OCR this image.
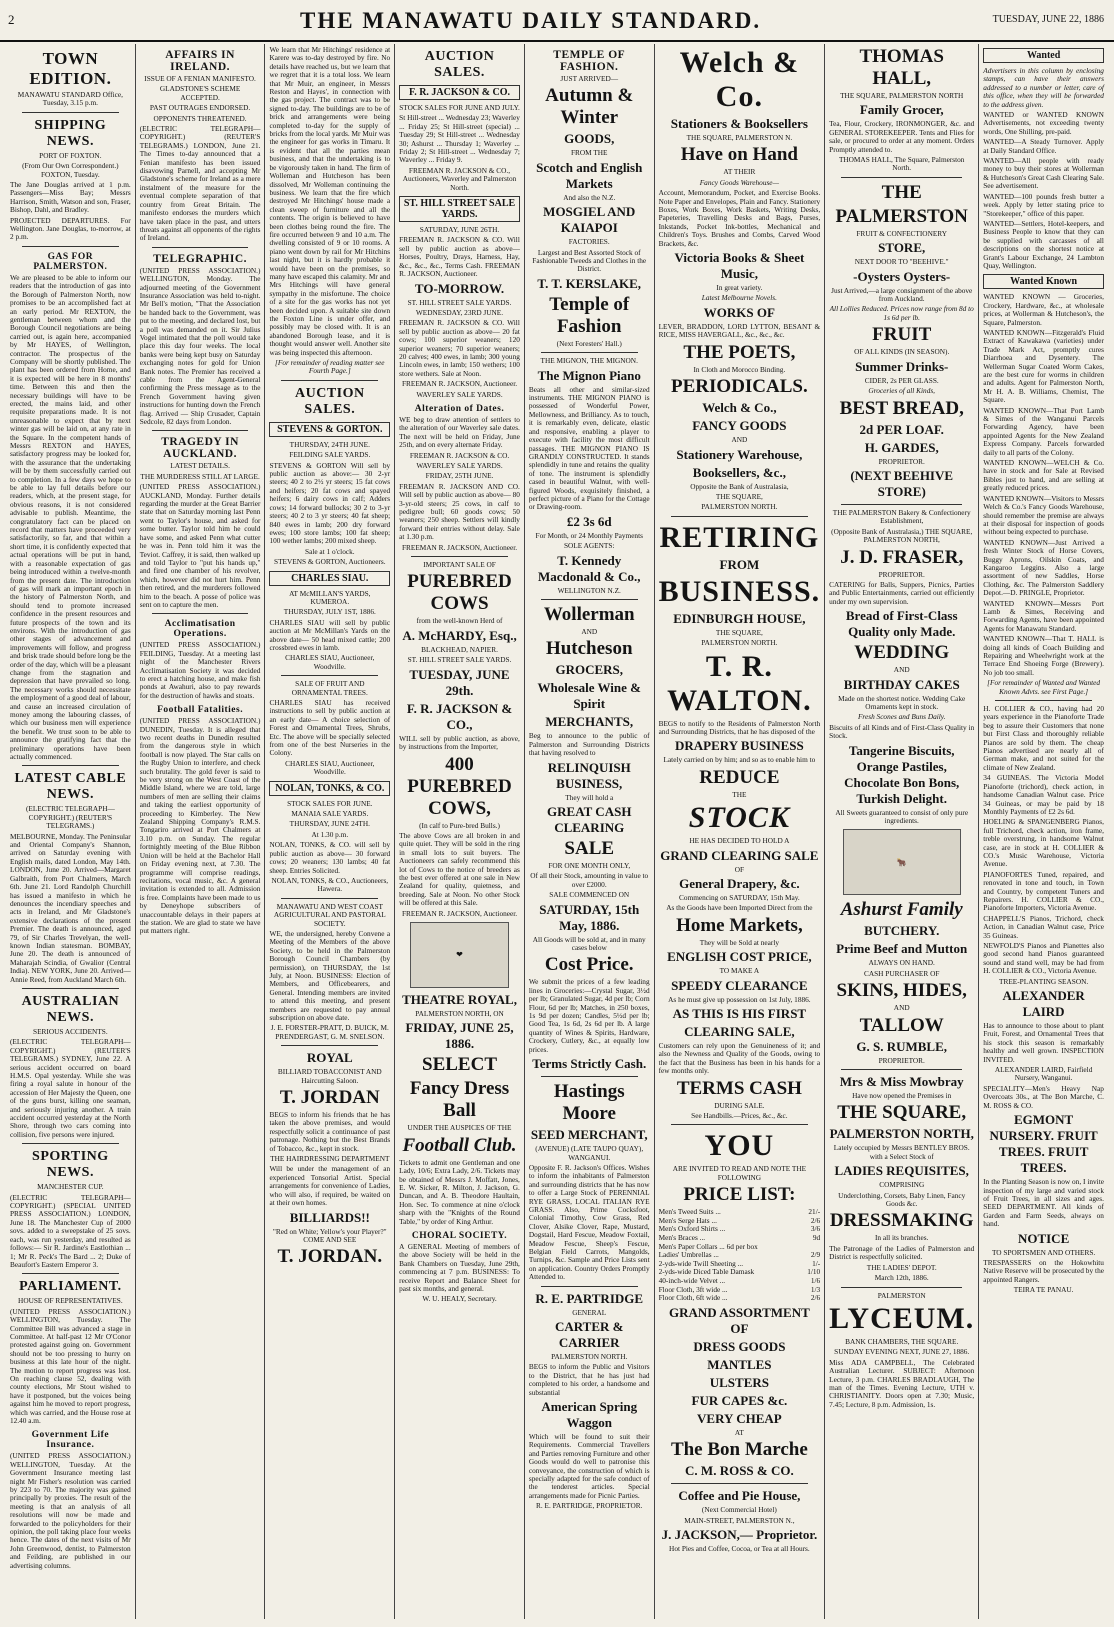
2	THE MANAWATU DAILY STANDARD.	TUESDAY, JUNE 22, 1886
TOWN EDITION.

MANAWATU STANDARD Office, Tuesday, 3.15 p.m.

SHIPPING NEWS.

PORT OF FOXTON.

(From Our Own Correspondent.) FOXTON, Tuesday.

The Jane Douglas arrived at 1 p.m. Passengers—Miss Bay; Messrs Harrison, Smith, Watson and son, Fraser, Bishop, Dahl, and Bradley.

PROJECTED DEPARTURES. For Wellington. Jane Douglas, to-morrow, at 2 p.m.

GAS FOR PALMERSTON.

We are pleased to be able to inform our readers that the introduction of gas into the Borough of Palmerston North, now promises to be an accomplished fact at an early period. Mr REXTON, the gentleman between whom and the Borough Council negotiations are being carried out, is again here, accompanied by Mr HAYES, of Wellington, contractor. The prospectus of the Company will be shortly published. The plant has been ordered from Home, and it is expected will be here in 8 months' time. Between this and then the necessary buildings will have to be erected, the mains laid, and other requisite preparations made. It is not unreasonable to expect that by next winter gas will be laid on, at any rate in the Square. In the competent hands of Messrs REXTON and HAYES, satisfactory progress may be looked for, with the assurance that the undertaking will be by them successfully carried out to completion. In a few days we hope to be able to lay full details before our readers, which, at the present stage, for obvious reasons, it is not considered advisable to publish. Meantime, the congratulatory fact can be placed on record that matters have proceeded very satisfactorily, so far, and that within a short time, it is confidently expected that actual operations will be put in hand, with a reasonable expectation of gas being introduced within a twelve-month from the present date. The introduction of gas will mark an important epoch in the history of Palmerston North, and should tend to promote increased confidence in the present resources and future prospects of the town and its environs. With the introduction of gas other stages of advancement and improvements will follow, and progress and brisk trade should before long be the order of the day, which will be a pleasant change from the stagnation and depression that have prevailed so long. The necessary works should necessitate the employment of a good deal of labour, and cause an increased circulation of money among the labouring classes, of which our business men will experience the benefit. We trust soon to be able to announce the gratifying fact that the preliminary operations have been actually commenced.

LATEST CABLE NEWS.

(ELECTRIC TELEGRAPH—COPYRIGHT.) (REUTER'S TELEGRAMS.)

MELBOURNE, Monday. The Peninsular and Oriental Company's Shannon, arrived on Saturday evening with English mails, dated London, May 14th. LONDON, June 20. Arrived—Margaret Galbraith, from Port Chalmers, March 6th. June 21. Lord Randolph Churchill has issued a manifesto in which he denounces the incendiary speeches and acts in Ireland, and Mr Gladstone's extensive declarations of the present Premier. The death is announced, aged 79, of Sir Charles Trevelyan, the well-known Indian statesman. BOMBAY, June 20. The death is announced of Maharajah Scindia, of Gwalior (Central India). NEW YORK, June 20. Arrived—Annie Reed, from Auckland March 6th.

AUSTRALIAN NEWS.

SERIOUS ACCIDENTS.

(ELECTRIC TELEGRAPH—COPYRIGHT.) (REUTER'S TELEGRAMS.) SYDNEY, June 22. A serious accident occurred on board H.M.S. Opal yesterday. While she was firing a royal salute in honour of the accession of Her Majesty the Queen, one of the guns burst, killing one seaman, and seriously injuring another. A train accident occurred yesterday at the North Shore, through two cars coming into collision, five persons were injured.

SPORTING NEWS.

MANCHESTER CUP.

(ELECTRIC TELEGRAPH—COPYRIGHT.) (SPECIAL UNITED PRESS ASSOCIATION.) LONDON, June 18. The Manchester Cup of 2000 sovs. added to a sweepstake of 25 sovs. each, was run yesterday, and resulted as follows:— Sir R. Jardine's Eastlothian ... 1; Mr R. Peck's The Bard ... 2; Duke of Beaufort's Eastern Emperor 3.

PARLIAMENT.

HOUSE OF REPRESENTATIVES.

(UNITED PRESS ASSOCIATION.) WELLINGTON, Tuesday. The Committee Bill was advanced a stage in Committee. At half-past 12 Mr O'Conor protested against going on. Government should not be too pressing to hurry on business at this late hour of the night. The motion to report progress was lost. On reaching clause 52, dealing with county elections, Mr Stout wished to have it postponed, but the voices being against him he moved to report progress, which was carried, and the House rose at 12.40 a.m.

Government Life Insurance.

(UNITED PRESS ASSOCIATION.) WELLINGTON, Tuesday. At the Government Insurance meeting last night Mr Fisher's resolution was carried by 223 to 70. The majority was gained principally by proxies. The result of the meeting is that an analysis of all resolutions will now be made and forwarded to the policyholders for their opinion, the poll taking place four weeks hence. The dates of the next visits of Mr John Greenwood, dentist, to Palmerston and Feilding, are published in our advertising columns.

AFFAIRS IN IRELAND.

ISSUE OF A FENIAN MANIFESTO.

GLADSTONE'S SCHEME ACCEPTED.

PAST OUTRAGES ENDORSED.

OPPONENTS THREATENED.

(ELECTRIC TELEGRAPH—COPYRIGHT.) (REUTER'S TELEGRAMS.) LONDON, June 21. The Times to-day announced that a Fenian manifesto has been issued disavowing Parnell, and accepting Mr Gladstone's scheme for Ireland as a mere instalment of the measure for the eventual complete separation of that country from Great Britain. The manifesto endorses the murders which have taken place in the past, and utters threats against all opponents of the rights of Ireland.

TELEGRAPHIC.

(UNITED PRESS ASSOCIATION.) WELLINGTON, Monday. The adjourned meeting of the Government Insurance Association was held to-night. Mr Bell's motion, "That the Association be handed back to the Government, was put to the meeting, and declared lost, but a poll was demanded on it. Sir Julius Vogel intimated that the poll would take place this day four weeks. The local banks were being kept busy on Saturday exchanging notes for gold for Union Bank notes. The Premier has received a cable from the Agent-General confirming the Press message as to the French Government having given instructions for hunting down the French flag. Arrived — Ship Crusader, Captain Sedcole, 82 days from London.

TRAGEDY IN AUCKLAND.

LATEST DETAILS.

THE MURDERESS STILL AT LARGE.

(UNITED PRESS ASSOCIATION.) AUCKLAND, Monday. Further details regarding the murder at the Great Barrier state that on Saturday morning last Penn went to Taylor's house, and asked for some butter. Taylor told him he could have some, and asked Penn what cutter he was in. Penn told him it was the Teviot. Caffrey, it is said, then walked up and told Taylor to "put his hands up," and fired one chamber of his revolver, which, however did not hurt him. Penn then retired, and the murderers followed him to the beach. A posse of police was sent on to capture the men.

Acclimatisation Operations.

(UNITED PRESS ASSOCIATION.) FEILDING, Tuesday. At a meeting last night of the Manchester Rivers Acclimatisation Society it was decided to erect a hatching house, and make fish ponds at Awahuri, also to pay rewards for the destruction of hawks and stoats.

Football Fatalities.

(UNITED PRESS ASSOCIATION.) DUNEDIN, Tuesday. It is alleged that two recent deaths in Dunedin resulted from the dangerous style in which football is now played. The Star calls on the Rugby Union to interfere, and check such brutality. The gold fever is said to be very strong on the West Coast of the Middle Island, where we are told, large numbers of men are selling their claims and taking the earliest opportunity of proceeding to Kimberley. The New Zealand Shipping Company's R.M.S. Tongariro arrived at Port Chalmers at 3.10 p.m. on Sunday. The regular fortnightly meeting of the Blue Ribbon Union will be held at the Bachelor Hall on Friday evening next, at 7.30. The programme will comprise readings, recitations, vocal music, &c. A general invitation is extended to all. Admission is free. Complaints have been made to us by Deneyhope subscribers of unaccountable delays in their papers at the station. We are glad to state we have put matters right.

We learn that Mr Hitchings' residence at Karere was to-day destroyed by fire. No details have reached us, but we learn that we regret that it is a total loss. We learn that Mr Muir, an engineer, in Messrs Reston and Hayes', in connection with the gas project. The contract was to be signed to-day. The buildings are to be of brick and arrangements were being completed to-day for the supply of bricks from the local yards. Mr Muir was the engineer for gas works in Timaru. It is evident that all the parties mean business, and that the undertaking is to be vigorously taken in hand. The firm of Wolleman and Hutcheson has been dissolved, Mr Wolleman continuing the business. We learn that the fire which destroyed Mr Hitchings' house made a clean sweep of furniture and all the contents. The origin is believed to have been clothes being round the fire. The fire occurred between 9 and 10 a.m. The dwelling consisted of 9 or 10 rooms. A piano went down by rail for Mr Hitchins last night, but it is hardly probable it would have been on the premises, so many have escaped this calamity. Mr and Mrs Hitchings will have general sympathy in the misfortune. The choice of a site for the gas works has not yet been decided upon. A suitable site down the Foxton Line is under offer, and possibly may be closed with. It is an abandoned Borough lease, and it is thought would answer well. Another site was being inspected this afternoon.

[For remainder of reading matter see Fourth Page.]

AUCTION SALES.
STEVENS & GORTON.

THURSDAY, 24TH JUNE.

FEILDING SALE YARDS.

STEVENS & GORTON Will sell by public auction as above:— 30 2-yr steers; 40 2 to 2½ yr steers; 15 fat cows and heifers; 20 fat cows and spayed heifers; 6 dairy cows in calf; Adders cows; 14 forward bullocks; 30 2 to 3-yr steers; 40 2 to 3 yr steers; 40 fat sheep; 840 ewes in lamb; 200 dry forward ewes; 100 store lambs; 100 fat sheep; 100 wether lambs; 200 mixed sheep.

Sale at 1 o'clock.

STEVENS & GORTON, Auctioneers.

CHARLES SIAU.

AT McMILLAN'S YARDS, KUMEROA.

THURSDAY, JULY 1ST, 1886.

CHARLES SIAU will sell by public auction at Mr McMillan's Yards on the above date— 50 head mixed cattle; 200 crossbred ewes in lamb.

CHARLES SIAU, Auctioneer, Woodville.

SALE OF FRUIT AND ORNAMENTAL TREES.

CHARLES SIAU has received instructions to sell by public auction at an early date— A choice selection of Forest and Ornamental Trees, Shrubs, Etc. The above will be specially selected from one of the best Nurseries in the Colony.

CHARLES SIAU, Auctioneer, Woodville.

NOLAN, TONKS, & CO.

STOCK SALES FOR JUNE.

MANAIA SALE YARDS.

THURSDAY, JUNE 24TH.

At 1.30 p.m.

NOLAN, TONKS, & CO. will sell by public auction as above— 30 forward cows; 20 weaners; 130 lambs; 40 fat sheep. Entries Solicited.

NOLAN, TONKS, & CO., Auctioneers, Hawera.

MANAWATU AND WEST COAST AGRICULTURAL AND PASTORAL SOCIETY.

WE, the undersigned, hereby Convene a Meeting of the Members of the above Society, to be held in the Palmerston Borough Council Chambers (by permission), on THURSDAY, the 1st July, at Noon. BUSINESS: Election of Members, and Officebearers, and General. Intending members are invited to attend this meeting, and present members are requested to pay annual subscription on above date.

J. E. FORSTER-PRATT, D. BUICK, M. PRENDERGAST, G. M. SNELSON.

ROYAL

BILLIARD TOBACCONIST AND Haircutting Saloon.

T. JORDAN

BEGS to inform his friends that he has taken the above premises, and would respectfully solicit a continuance of past patronage. Nothing but the Best Brands of Tobacco, &c., kept in stock.

THE HAIRDRESSING DEPARTMENT

Will be under the management of an experienced Tonsorial Artist. Special arrangements for convenience of Ladies, who will also, if required, be waited on at their own homes.

BILLIARDS!!

"Red on White; Yellow's your Player?" COME AND SEE

T. JORDAN.
AUCTION SALES.
F. R. JACKSON & CO.

STOCK SALES FOR JUNE AND JULY.

St Hill-street ... Wednesday 23; Waverley ... Friday 25; St Hill-street (special) ... Tuesday 29; St Hill-street ... Wednesday 30; Ashurst ... Thursday 1; Waverley ... Friday 2; St Hill-street ... Wednesday 7; Waverley ... Friday 9.

FREEMAN R. JACKSON & CO., Auctioneers, Waverley and Palmerston North.

ST. HILL STREET SALE YARDS.

SATURDAY, JUNE 26TH.

FREEMAN R. JACKSON & CO. Will sell by public auction as above— Horses, Poultry, Drays, Harness, Hay, &c., &c., &c., Terms Cash. FREEMAN R. JACKSON, Auctioneer.

TO-MORROW.

ST. HILL STREET SALE YARDS.

WEDNESDAY, 23RD JUNE.

FREEMAN R. JACKSON & CO. Will sell by public auction as above— 20 fat cows; 100 superior weaners; 120 superior weaners; 70 superior weaners; 20 calves; 400 ewes, in lamb; 300 young Lincoln ewes, in lamb; 150 wethers; 100 store wethers. Sale at Noon.

FREEMAN R. JACKSON, Auctioneer.

WAVERLEY SALE YARDS.

Alteration of Dates.

WE beg to draw attention of settlers to the alteration of our Waverley sale dates. The next will be held on Friday, June 25th, and on every alternate Friday.

FREEMAN R. JACKSON & CO.

WAVERLEY SALE YARDS.

FRIDAY, 25TH JUNE.

FREEMAN R. JACKSON AND CO. Will sell by public auction as above— 80 3-yr-old steers; 25 cows, in calf to pedigree bull; 60 goods cows; 50 weaners; 250 sheep. Settlers will kindly forward their entries without delay. Sale at 1.30 p.m.

FREEMAN R. JACKSON, Auctioneer.

IMPORTANT SALE OF

PUREBRED COWS

from the well-known Herd of

A. McHARDY, Esq.,

BLACKHEAD, NAPIER.

ST. HILL STREET SALE YARDS.

TUESDAY, JUNE 29th.
F. R. JACKSON & CO.,

WILL sell by public auction, as above, by instructions from the Importer,

400 PUREBRED COWS,

(In calf to Pure-bred Bulls.)

The above Cows are all broken in and quite quiet. They will be sold in the ring in small lots to suit buyers. The Auctioneers can safely recommend this lot of Cows to the notice of breeders as the best ever offered at one sale in New Zealand for quality, quietness, and breeding. Sale at Noon. No other Stock will be offered at this Sale.

FREEMAN R. JACKSON, Auctioneer.

❤
THEATRE ROYAL,

PALMERSTON NORTH, ON

FRIDAY, JUNE 25, 1886.
SELECT
Fancy Dress Ball

UNDER THE AUSPICES OF THE

Football Club.

Tickets to admit one Gentleman and one Lady, 10/6; Extra Lady, 2/6. Tickets may be obtained of Messrs J. Moffatt, Jones, E. W. Sicker, R. Milton, J. Jackson, G. Duncan, and A. B. Theodore Haultain, Hon. Sec. To commence at nine o'clock sharp with the "Knights of the Round Table," by order of King Arthur.

CHORAL SOCIETY.

A GENERAL Meeting of members of the above Society will be held in the Bank Chambers on Tuesday, June 29th, commencing at 7 p.m. BUSINESS: To receive Report and Balance Sheet for past six months, and general.

W. U. HEALY, Secretary.

TEMPLE OF FASHION.

JUST ARRIVED—

Autumn & Winter
GOODS,

FROM THE

Scotch and English Markets

And also the N.Z.

MOSGIEL AND KAIAPOI

FACTORIES.

Largest and Best Assorted Stock of Fashionable Tweeds and Clothes in the District.

T. T. KERSLAKE,
Temple of Fashion

(Next Foresters' Hall.)

THE MIGNON, THE MIGNON.

The Mignon Piano

Beats all other and similar-sized instruments. THE MIGNON PIANO is possessed of Wonderful Power, Mellowness, and Brilliancy. As to touch, it is remarkably even, delicate, elastic and responsive, enabling a player to execute with facility the most difficult passages. THE MIGNON PIANO IS GRANDLY CONSTRUCTED. It stands splendidly in tune and retains the quality of tone. The instrument is splendidly cased in beautiful Walnut, with well-figured Woods, exquisitely finished, a perfect picture of a Piano for the Cottage or Drawing-room.

£2 3s 6d

For Month, or 24 Monthly Payments

SOLE AGENTS:

T. Kennedy Macdonald & Co.,

WELLINGTON N.Z.

Wollerman

AND

Hutcheson
GROCERS,
Wholesale Wine & Spirit
MERCHANTS,

Beg to announce to the public of Palmerston and Surrounding Districts that having resolved to

RELINQUISH BUSINESS,

They will hold a

GREAT CASH CLEARING
SALE

FOR ONE MONTH ONLY,

Of all their Stock, amounting in value to over £2000.

SALE COMMENCED ON

SATURDAY, 15th May, 1886.

All Goods will be sold at, and in many cases below

Cost Price.

We submit the prices of a few leading lines in Groceries:—Crystal Sugar, 3½d per lb; Granulated Sugar, 4d per lb; Corn Flour, 6d per lb; Matches, in 250 boxes, 1s 9d per dozen; Candles, 5½d per lb; Good Tea, 1s 6d, 2s 6d per lb. A large quantity of Wines & Spirits, Hardware, Crockery, Cutlery, &c., at equally low prices.

Terms Strictly Cash.
Hastings Moore
SEED MERCHANT,

(AVENUE) (LATE TAUPO QUAY), WANGANUI.

Opposite F. R. Jackson's Offices. Wishes to inform the inhabitants of Palmerston and surrounding districts that he has now to offer a Large Stock of PERENNIAL RYE GRASS, LOCAL ITALIAN RYE GRASS. Also, Prime Cocksfoot, Colonial Timothy, Cow Grass, Red Clover, Alsike Clover, Rape, Mustard, Dogstail, Hard Fescue, Meadow Foxtail, Meadow Fescue, Sheep's Fescue, Belgian Field Carrots, Mangolds, Turnips, &c. Sample and Price Lists sent on application. Country Orders Promptly Attended to.

R. E. PARTRIDGE

GENERAL

CARTER & CARRIER

PALMERSTON NORTH.

BEGS to inform the Public and Visitors to the District, that he has just had completed to his order, a handsome and substantial

American Spring Waggon

Which will be found to suit their Requirements. Commercial Travellers and Parties removing Furniture and other Goods would do well to patronise this conveyance, the construction of which is specially adapted for the safe conduct of the tenderest articles. Special arrangements made for Picnic Parties.

R. E. PARTRIDGE, PROPRIETOR.

Welch & Co.
Stationers & Booksellers

THE SQUARE, PALMERSTON N.

Have on Hand

AT THEIR

Fancy Goods Warehouse—

Account, Memorandum, Pocket, and Exercise Books. Note Paper and Envelopes, Plain and Fancy. Stationery Boxes, Work Boxes, Work Baskets, Writing Desks, Papeteries, Travelling Desks and Bags, Purses, Inkstands, Pocket Ink-bottles, Mechanical and Children's Toys. Brushes and Combs, Carved Wood Brackets, &c.

Victoria Books & Sheet Music,

In great variety.

Latest Melbourne Novels.

WORKS OF

LEVER, BRADDON, LORD LYTTON, BESANT & RICE, MISS HAVERGALL, &c., &c., &c.

THE POETS,

In Cloth and Morocco Binding.

PERIODICALS.
Welch & Co.,
FANCY GOODS

AND

Stationery Warehouse,
Booksellers, &c.,

Opposite the Bank of Australasia,

THE SQUARE,

PALMERSTON NORTH.

RETIRING
FROM
BUSINESS.
EDINBURGH HOUSE,

THE SQUARE,

PALMERSTON NORTH.

T. R. WALTON.

BEGS to notify to the Residents of Palmerston North and Surrounding Districts, that he has disposed of the

DRAPERY BUSINESS

Lately carried on by him; and so as to enable him to

REDUCE

THE

STOCK

HE HAS DECIDED TO HOLD A

GRAND CLEARING SALE

OF

General Drapery, &c.

Commencing on SATURDAY, 15th May.

As the Goods have been Imported Direct from the

Home Markets,

They will be Sold at nearly

ENGLISH COST PRICE,

TO MAKE A

SPEEDY CLEARANCE

As he must give up possession on 1st July, 1886.

AS THIS IS HIS FIRST
CLEARING SALE,

Customers can rely upon the Genuineness of it; and also the Newness and Quality of the Goods, owing to the fact that the Business has been in his hands for a few months only.

TERMS CASH

DURING SALE.

See Handbills.—Prices, &c., &c.

YOU

ARE INVITED TO READ AND NOTE THE FOLLOWING

PRICE LIST:
Men's Tweed Suits ...	21/-
Men's Serge Hats ...	2/6
Men's Oxford Shirts ...	3/6
Men's Braces ...	9d
Men's Paper Collars ... 6d per box
Ladies' Umbrellas ...	2/9
2-yds-wide Twill Sheeting ...	1/-
2-yds-wide Diced Table Damask	1/10
40-inch-wide Velvet ...	1/6
Floor Cloth, 3ft wide ...	1/3
Floor Cloth, 6ft wide ...	2/6
GRAND ASSORTMENT OF
DRESS GOODS
MANTLES
ULSTERS
FUR CAPES &c.
VERY CHEAP

AT

The Bon Marche
C. M. ROSS & CO.
Coffee and Pie House,

(Next Commercial Hotel)

MAIN-STREET, PALMERSTON N.,

J. JACKSON,— Proprietor.

Hot Pies and Coffee, Cocoa, or Tea at all Hours.

THOMAS HALL,

THE SQUARE, PALMERSTON NORTH

Family Grocer,

Tea, Flour, Crockery, IRONMONGER, &c. and GENERAL STOREKEEPER. Tents and Flies for sale, or procured to order at any moment. Orders Promptly attended to.

THOMAS HALL, The Square, Palmerston North.

THE
PALMERSTON

FRUIT & CONFECTIONERY

STORE,

NEXT DOOR TO "BEEHIVE."

-Oysters Oysters-

Just Arrived,—a large consignment of the above from Auckland.

All Lollies Reduced. Prices now range from 8d to 1s 6d per lb.

FRUIT

OF ALL KINDS (IN SEASON).

Summer Drinks-

CIDER, 2s PER GLASS.

Groceries of all Kinds,

BEST BREAD,
2d PER LOAF.
H. GARDES,

PROPRIETOR.

(NEXT BEEHIVE STORE)

THE PALMERSTON Bakery & Confectionery Establishment,

(Opposite Bank of Australasia,) THE SQUARE, PALMERSTON NORTH,

J. D. FRASER,

PROPRIETOR.

CATERING for Balls, Suppers, Picnics, Parties and Public Entertainments, carried out efficiently under my own supervision.

Bread of First-Class Quality only Made.
WEDDING

AND

BIRTHDAY CAKES

Made on the shortest notice. Wedding Cake Ornaments kept in stock.

Fresh Scones and Buns Daily.

Biscuits of all Kinds and of First-Class Quality in Stock.

Tangerine Biscuits, Orange Pastiles, Chocolate Bon Bons, Turkish Delight.

All Sweets guaranteed to consist of only pure ingredients.

🐂
Ashurst Family
BUTCHERY.
Prime Beef and Mutton

ALWAYS ON HAND.

CASH PURCHASER OF

SKINS, HIDES,

AND

TALLOW
G. S. RUMBLE,

PROPRIETOR.

Mrs & Miss Mowbray

Have now opened the Premises in

THE SQUARE,
PALMERSTON NORTH,

Lately occupied by Messrs BENTLEY BROS. with a Select Stock of

LADIES REQUISITES,

COMPRISING

Underclothing, Corsets, Baby Linen, Fancy Goods &c.

DRESSMAKING

In all its branches.

The Patronage of the Ladies of Palmerston and District is respectfully solicited.

THE LADIES' DEPOT.

March 12th, 1886.

PALMERSTON

LYCEUM.

BANK CHAMBERS, THE SQUARE.

SUNDAY EVENING NEXT, JUNE 27, 1886.

Miss ADA CAMPBELL, The Celebrated Australian Lecturer. SUBJECT: Afternoon Lecture, 3 p.m. CHARLES BRADLAUGH, The man of the Times. Evening Lecture, UTH v. CHRISTIANITY. Doors open at 7.30; Music, 7.45; Lecture, 8 p.m. Admission, 1s.

Wanted

Advertisers in this column by enclosing stamps, can have their answers addressed to a number or letter, care of this office, when they will be forwarded to the address given.

WANTED or WANTED KNOWN Advertisements, not exceeding twenty words, One Shilling, pre-paid.

WANTED—A Steady Turnover. Apply at Daily Standard Office.

WANTED—All people with ready money to buy their stores at Wollerman & Hutcheson's Great Cash Clearing Sale. See advertisement.

WANTED—100 pounds fresh butter a week. Apply by letter stating price to "Storekeeper," office of this paper.

WANTED—Settlers, Hotel-keepers, and Business People to know that they can be supplied with carcasses of all descriptions on the shortest notice at Grant's Labour Exchange, 24 Lambton Quay, Wellington.

Wanted Known

WANTED KNOWN — Groceries, Crockery, Hardware, &c., at wholesale prices, at Wollerman & Hutcheson's, the Square, Palmerston.

WANTED KNOWN—Fitzgerald's Fluid Extract of Kawakawa (varieties) under Trade Mark Act, promptly cures Diarrhoea and Dysentery. The Wellerman Sugar Coated Worm Cakes, are the best cure for worms in children and adults. Agent for Palmerston North, Mr H. A. B. Williams, Chemist, The Square.

WANTED KNOWN—That Port Lamb & Simes of the Wanganui Parcels Forwarding Agency, have been appointed Agents for the New Zealand Express Company. Parcels forwarded daily to all parts of the Colony.

WANTED KNOWN—WELCH & Co. have in stock and for Sale at Revised Bibles just to hand, and are selling at greatly reduced prices.

WANTED KNOWN—Visitors to Messrs Welch & Co.'s Fancy Goods Warehouse, should remember the premise are always at their disposal for inspection of goods without being expected to purchase.

WANTED KNOWN—Just Arrived a fresh Winter Stock of Horse Covers, Buggy Aprons, Oilskin Coats, and Kangaroo Leggins. Also a large assortment of new Saddles, Horse Clothing, &c. The Palmerston Saddlery Depot.—D. PRINGLE, Proprietor.

WANTED KNOWN—Messrs Port Lamb & Simes, Receiving and Forwarding Agents, have been appointed Agents for Manawatu Standard.

WANTED KNOWN—That T. HALL is doing all kinds of Coach Building and Repairing and Wheelwright work at the Terrace End Shoeing Forge (Brewery). No job too small.

[For remainder of Wanted and Wanted Known Advts. see First Page.]

H. COLLIER & CO., having had 20 years experience in the Pianoforte Trade beg to assure their Customers that none but First Class and thoroughly reliable Pianos are sold by them. The cheap Pianos advertised are nearly all of German make, and not suited for the climate of New Zealand.

34 GUINEAS. The Victoria Model Pianoforte (trichord), check action, in handsome Canadian Walnut case. Price 34 Guineas, or may be paid by 18 Monthly Payments of £2 2s 6d.

HOELING & SPANGENBERG Pianos, full Trichord, check action, iron frame, treble overstrung, in handsome Walnut case, are in stock at H. COLLIER & CO.'s Music Warehouse, Victoria Avenue.

PIANOFORTES Tuned, repaired, and renovated in tone and touch, in Town and Country, by competent Tuners and Repairers. H. COLLIER & CO., Pianoforte Importers, Victoria Avenue.

CHAPPELL'S Pianos, Trichord, check Action, in Canadian Walnut case, Price 35 Guineas.

NEWFOLD'S Pianos and Pianettes also good second hand Pianos guaranteed sound and stand well, may be had from H. COLLIER & CO., Victoria Avenue.

TREE-PLANTING SEASON.

ALEXANDER LAIRD

Has to announce to those about to plant Fruit, Forest, and Ornamental Trees that his stock this season is remarkably healthy and well grown. INSPECTION INVITED.

ALEXANDER LAIRD, Fairfield Nursery, Wanganui.

SPECIALITY—Men's Heavy Nap Overcoats 30s., at The Bon Marche, C. M. ROSS & CO.

EGMONT NURSERY. FRUIT TREES. FRUIT TREES.

In the Planting Season is now on, I invite inspection of my large and varied stock of Fruit Trees, in all sizes and ages. SEED DEPARTMENT. All kinds of Garden and Farm Seeds, always on hand.

NOTICE

TO SPORTSMEN AND OTHERS.

TRESPASSERS on the Hokowhitu Native Reserve will be prosecuted by the appointed Rangers.

TEIRA TE PANAU.
